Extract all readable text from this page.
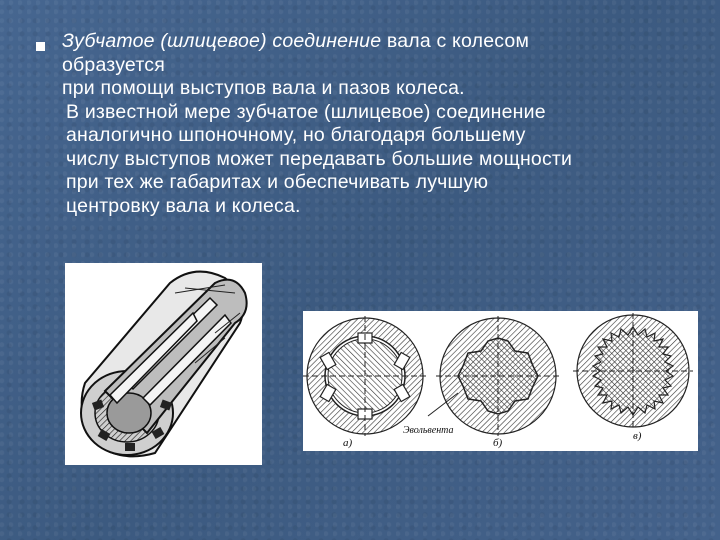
Зубчатое (шлицевое) соединение вала с колесом
образуется
при помощи выступов вала и пазов колеса.
В известной мере зубчатое (шлицевое) соединение
аналогично шпоночному, но благодаря большему
числу выступов может передавать большие мощности
при тех же габаритах и обеспечивать лучшую
центровку вала и колеса.
а)
Эвольвента
б)
в)
